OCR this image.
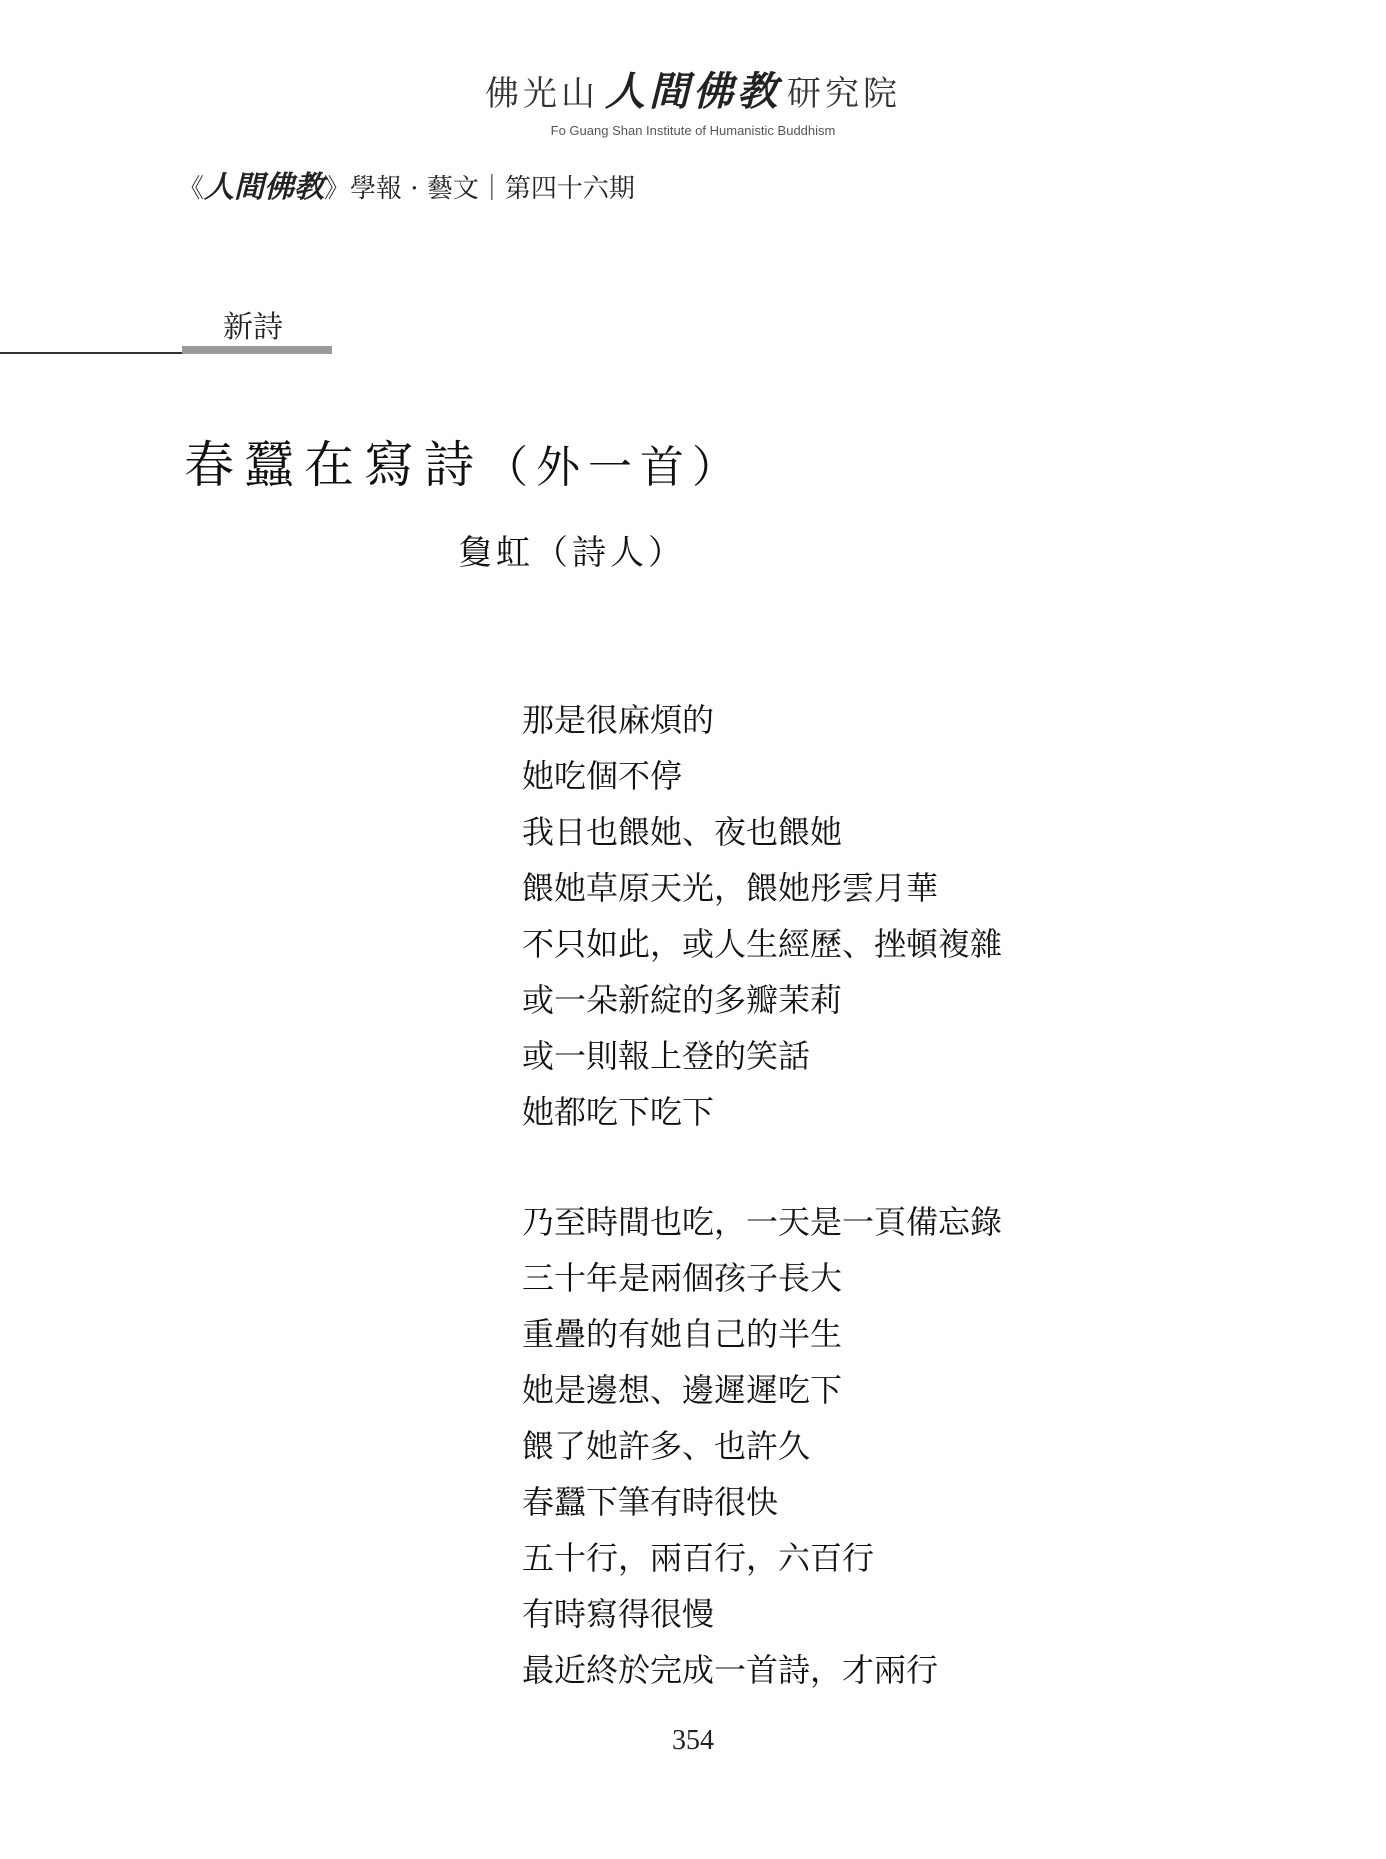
佛光山 人間佛教 研究院
Fo Guang Shan Institute of Humanistic Buddhism
《人間佛教》學報 · 藝文｜第四十六期
新詩
春蠶在寫詩（外一首）
敻虹（詩人）
那是很麻煩的
她吃個不停
我日也餵她、夜也餵她
餵她草原天光，餵她彤雲月華
不只如此，或人生經歷、挫頓複雜
或一朵新綻的多瓣茉莉
或一則報上登的笑話
她都吃下吃下
乃至時間也吃，一天是一頁備忘錄
三十年是兩個孩子長大
重疊的有她自己的半生
她是邊想、邊遲遲吃下
餵了她許多、也許久
春蠶下筆有時很快
五十行，兩百行，六百行
有時寫得很慢
最近終於完成一首詩，才兩行
354
